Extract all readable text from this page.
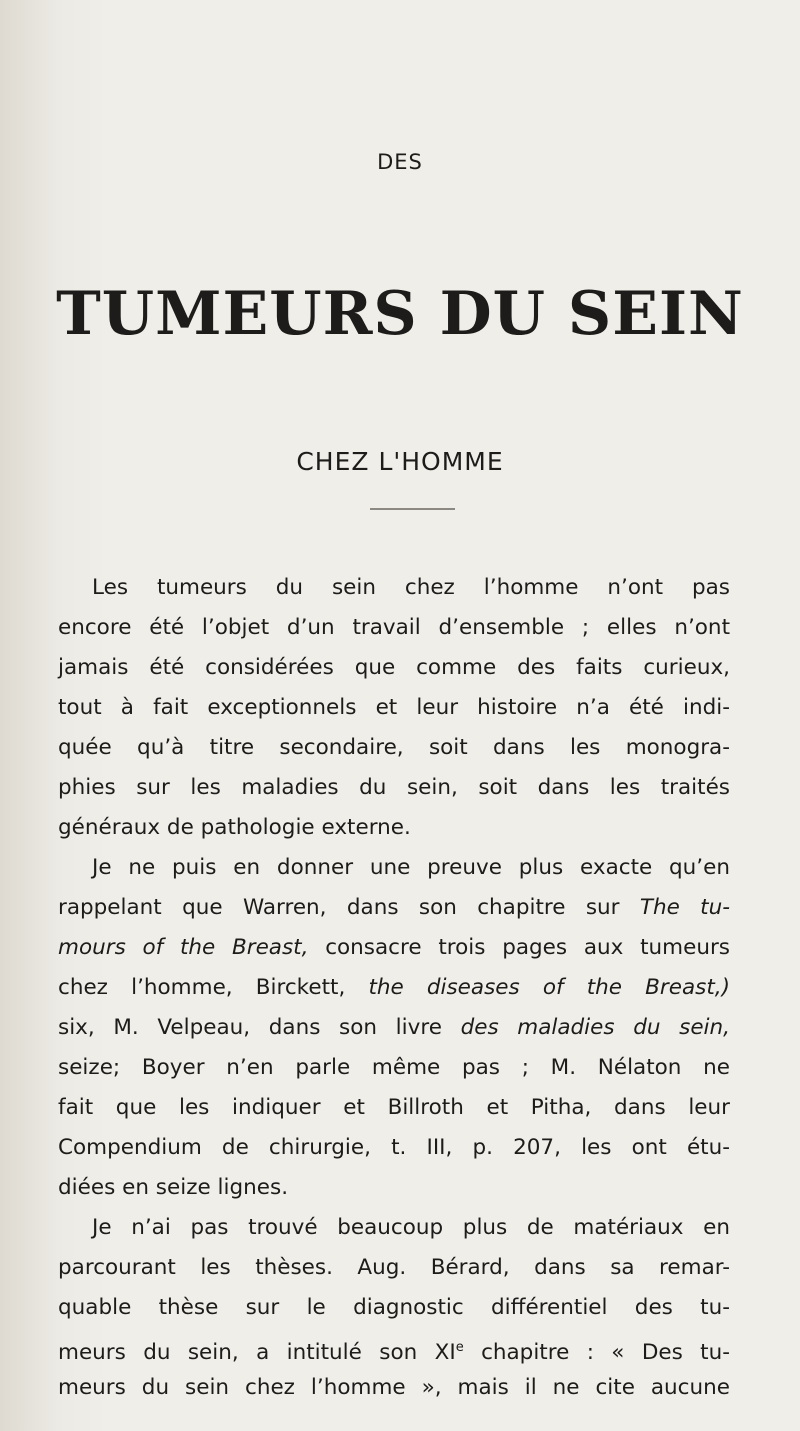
DES
TUMEURS DU SEIN
CHEZ L'HOMME
Les tumeurs du sein chez l’homme n’ont pas
encore été l’objet d’un travail d’ensemble ; elles n’ont
jamais été considérées que comme des faits curieux,
tout à fait exceptionnels et leur histoire n’a été indi-
quée qu’à titre secondaire, soit dans les monogra-
phies sur les maladies du sein, soit dans les traités
généraux de pathologie externe.
Je ne puis en donner une preuve plus exacte qu’en
rappelant que Warren, dans son chapitre sur The tu-
mours of the Breast, consacre trois pages aux tumeurs
chez l’homme, Birckett, the diseases of the Breast,)
six, M. Velpeau, dans son livre des maladies du sein,
seize; Boyer n’en parle même pas ; M. Nélaton ne
fait que les indiquer et Billroth et Pitha, dans leur
Compendium de chirurgie, t. III, p. 207, les ont étu-
diées en seize lignes.
Je n’ai pas trouvé beaucoup plus de matériaux en
parcourant les thèses. Aug. Bérard, dans sa remar-
quable thèse sur le diagnostic différentiel des tu-
meurs du sein, a intitulé son XIe chapitre : « Des tu-
meurs du sein chez l’homme », mais il ne cite aucune
